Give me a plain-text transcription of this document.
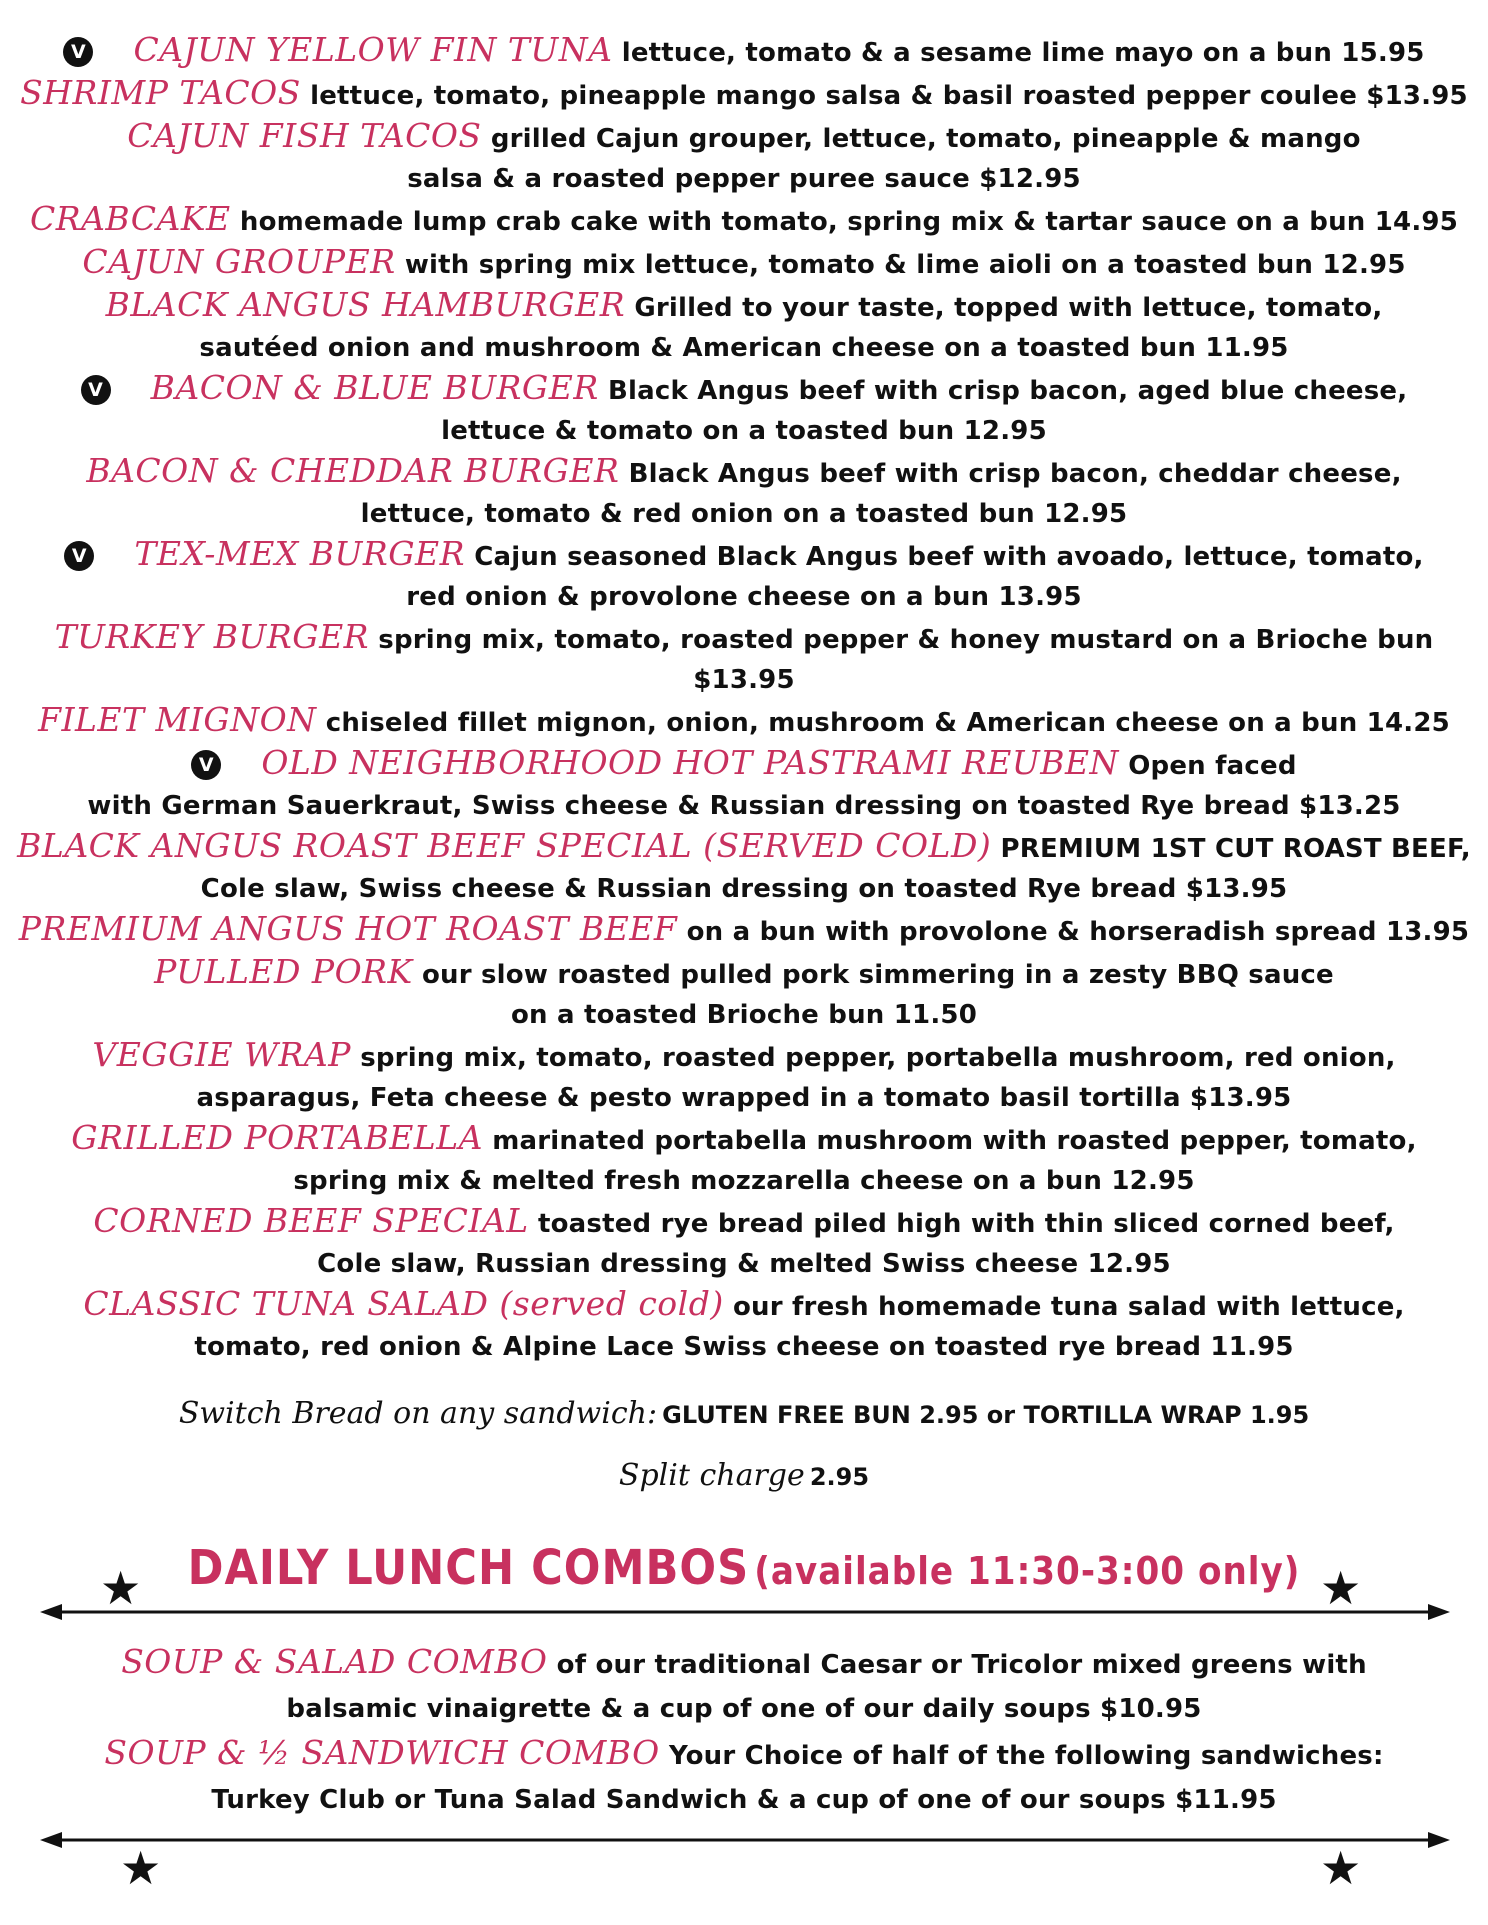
V CAJUN YELLOW FIN TUNA lettuce, tomato & a sesame lime mayo on a bun 15.95
SHRIMP TACOS lettuce, tomato, pineapple mango salsa & basil roasted pepper coulee $13.95
CAJUN FISH TACOS grilled Cajun grouper, lettuce, tomato, pineapple & mango
salsa & a roasted pepper puree sauce $12.95
CRABCAKE homemade lump crab cake with tomato, spring mix & tartar sauce on a bun 14.95
CAJUN GROUPER with spring mix lettuce, tomato & lime aioli on a toasted bun 12.95
BLACK ANGUS HAMBURGER Grilled to your taste, topped with lettuce, tomato,
sautéed onion and mushroom & American cheese on a toasted bun 11.95
V BACON & BLUE BURGER Black Angus beef with crisp bacon, aged blue cheese,
lettuce & tomato on a toasted bun 12.95
BACON & CHEDDAR BURGER Black Angus beef with crisp bacon, cheddar cheese,
lettuce, tomato & red onion on a toasted bun 12.95
V TEX-MEX BURGER Cajun seasoned Black Angus beef with avoado, lettuce, tomato,
red onion & provolone cheese on a bun 13.95
TURKEY BURGER spring mix, tomato, roasted pepper & honey mustard on a Brioche bun $13.95
FILET MIGNON chiseled fillet mignon, onion, mushroom & American cheese on a bun 14.25
V OLD NEIGHBORHOOD HOT PASTRAMI REUBEN Open faced
with German Sauerkraut, Swiss cheese & Russian dressing on toasted Rye bread $13.25
BLACK ANGUS ROAST BEEF SPECIAL (SERVED COLD) PREMIUM 1ST CUT ROAST BEEF,
Cole slaw, Swiss cheese & Russian dressing on toasted Rye bread $13.95
PREMIUM ANGUS HOT ROAST BEEF on a bun with provolone & horseradish spread 13.95
PULLED PORK our slow roasted pulled pork simmering in a zesty BBQ sauce
on a toasted Brioche bun 11.50
VEGGIE WRAP spring mix, tomato, roasted pepper, portabella mushroom, red onion,
asparagus, Feta cheese & pesto wrapped in a tomato basil tortilla $13.95
GRILLED PORTABELLA marinated portabella mushroom with roasted pepper, tomato,
spring mix & melted fresh mozzarella cheese on a bun 12.95
CORNED BEEF SPECIAL toasted rye bread piled high with thin sliced corned beef,
Cole slaw, Russian dressing & melted Swiss cheese 12.95
CLASSIC TUNA SALAD (served cold) our fresh homemade tuna salad with lettuce,
tomato, red onion & Alpine Lace Swiss cheese on toasted rye bread 11.95
Switch Bread on any sandwich: GLUTEN FREE BUN 2.95 or TORTILLA WRAP 1.95
Split charge 2.95
DAILY LUNCH COMBOS (available 11:30-3:00 only)
★	★
SOUP & SALAD COMBO of our traditional Caesar or Tricolor mixed greens with
balsamic vinaigrette & a cup of one of our daily soups $10.95
SOUP & ½ SANDWICH COMBO Your Choice of half of the following sandwiches:
Turkey Club or Tuna Salad Sandwich & a cup of one of our soups $11.95
★	★
